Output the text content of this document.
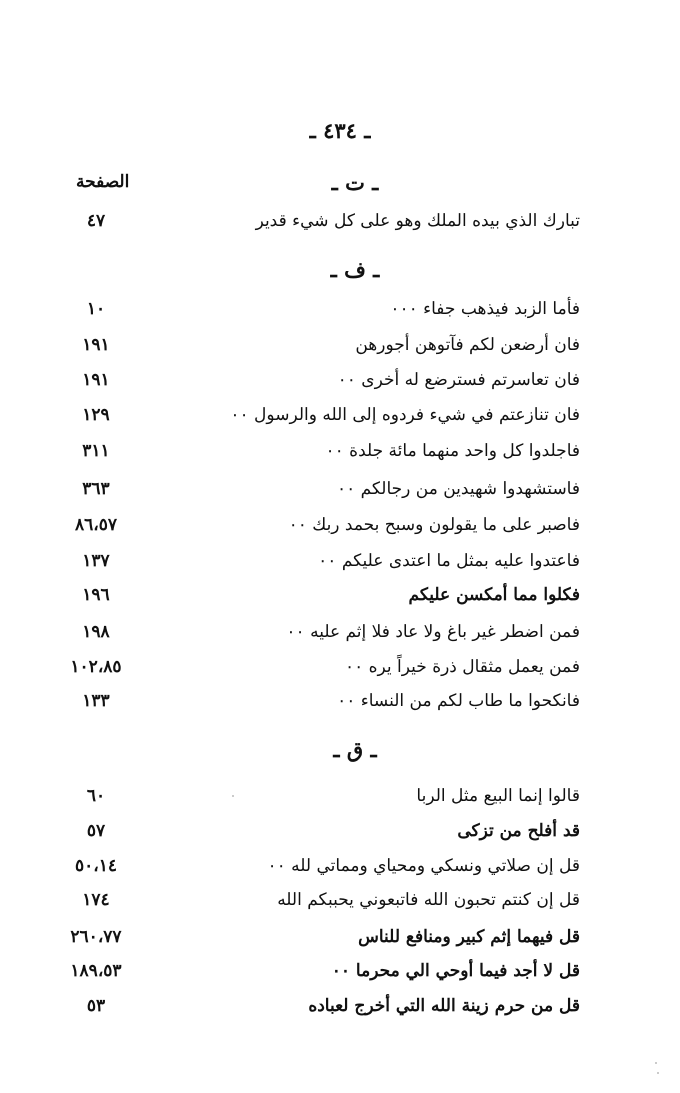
ـ ٤٣٤ ـ
الصفحة	ـ ت ـ
تبارك الذي بيده الملك وهو على كل شيء قدير
٤٧
ـ ف ـ
فأما الزبد فيذهب جفاء ٠٠٠
١٠
فان أرضعن لكم فآتوهن أجورهن
١٩١
فان تعاسرتم فسترضع له أخرى ٠٠
١٩١
فان تنازعتم في شيء فردوه إلى الله والرسول ٠٠
١٢٩
فاجلدوا كل واحد منهما مائة جلدة ٠٠
٣١١
فاستشهدوا شهيدين من رجالكم ٠٠
٣٦٣
فاصبر على ما يقولون وسبح بحمد ربك ٠٠
٨٦،٥٧
فاعتدوا عليه بمثل ما اعتدى عليكم ٠٠
١٣٧
فكلوا مما أمكسن عليكم
١٩٦
فمن اضطر غير باغ ولا عاد فلا إثم عليه ٠٠
١٩٨
فمن يعمل مثقال ذرة خيراً يره ٠٠
١٠٢،٨٥
فانكحوا ما طاب لكم من النساء ٠٠
١٣٣
ـ ق ـ
قالوا إنما البيع مثل الربا
٦٠
قد أفلح من تزكى
٥٧
قل إن صلاتي ونسكي ومحياي ومماتي لله ٠٠
٥٠،١٤
قل إن كنتم تحبون الله فاتبعوني يحببكم الله
١٧٤
قل فيهما إثم كبير ومنافع للناس
٢٦٠،٧٧
قل لا أجد فيما أوحي الي محرما ٠٠
١٨٩،٥٣
قل من حرم زينة الله التي أخرج لعباده
٥٣
